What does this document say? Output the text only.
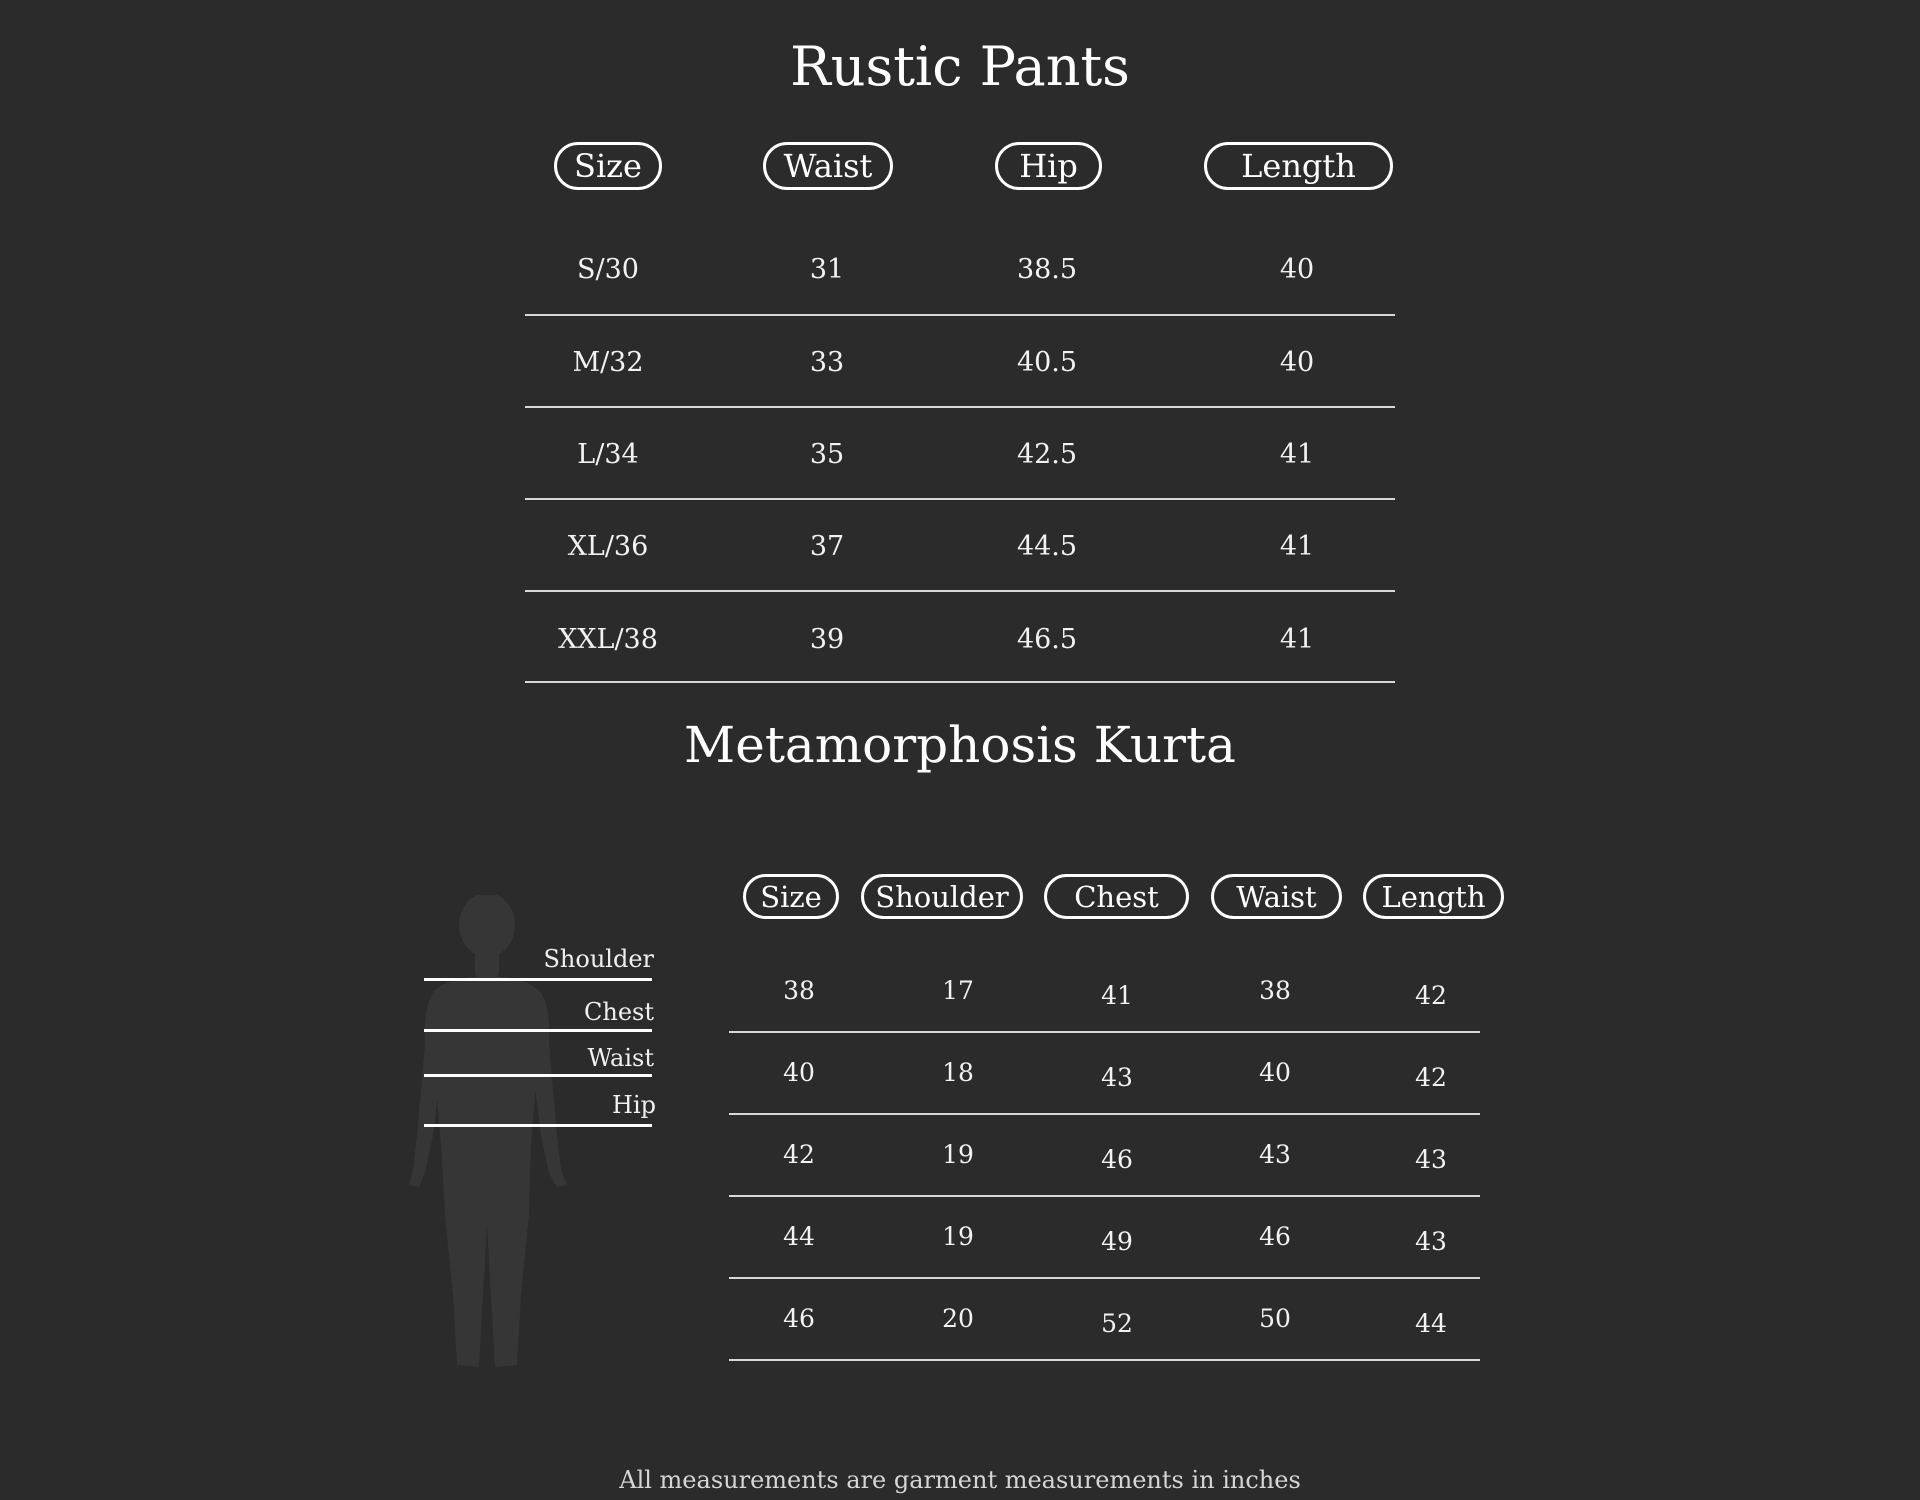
Rustic Pants
Size	Waist	Hip	Length
S/30	31	38.5	40
M/32	33	40.5	40
L/34	35	42.5	41
XL/36	37	44.5	41
XXL/38	39	46.5	41
Metamorphosis Kurta
Size	Shoulder	Chest	Waist	Length
38	17	41	38	42
40	18	43	40	42
42	19	46	43	43
44	19	49	46	43
46	20	52	50	44
Shoulder
Chest
Waist
Hip
All measurements are garment measurements in inches
